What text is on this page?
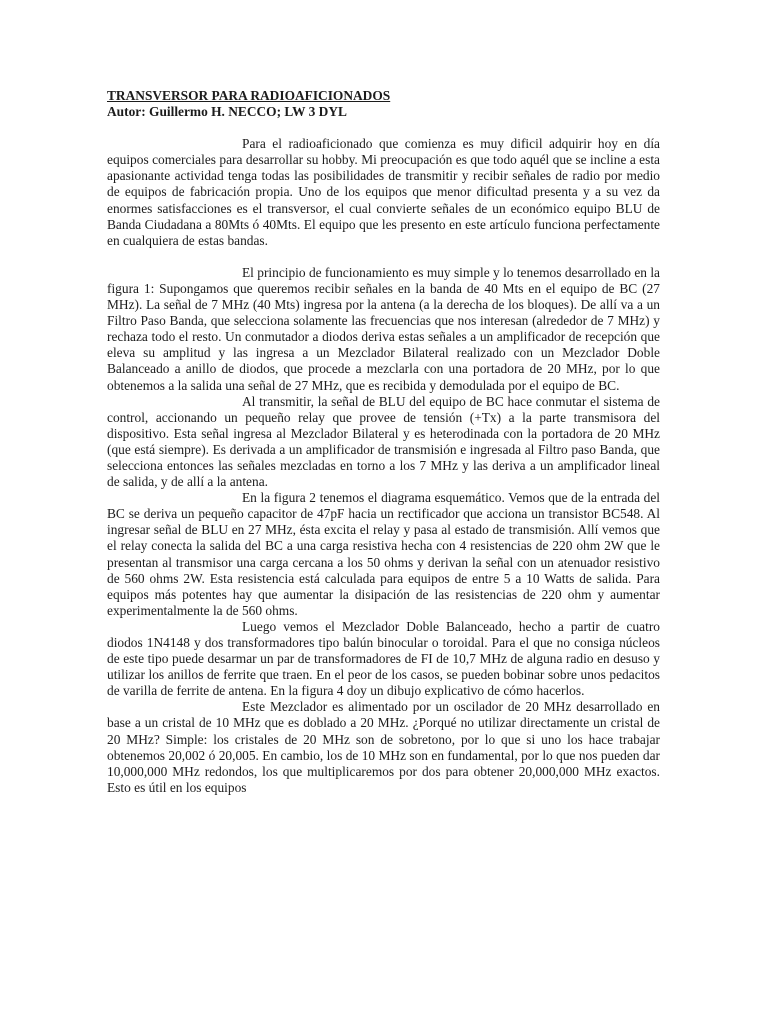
TRANSVERSOR PARA RADIOAFICIONADOS

Autor: Guillermo H. NECCO; LW 3 DYL

Para el radioaficionado que comienza es muy dificil adquirir hoy en día equipos comerciales para desarrollar su hobby. Mi preocupación es que todo aquél que se incline a esta apasionante actividad tenga todas las posibilidades de transmitir y recibir señales de radio por medio de equipos de fabricación propia. Uno de los equipos que menor dificultad presenta y a su vez da enormes satisfacciones es el transversor, el cual convierte señales de un económico equipo BLU de Banda Ciudadana a 80Mts ó 40Mts. El equipo que les presento en este artículo funciona perfectamente en cualquiera de estas bandas.

El principio de funcionamiento es muy simple y lo tenemos desarrollado en la figura 1: Supongamos que queremos recibir señales en la banda de 40 Mts en el equipo de BC (27 MHz). La señal de 7 MHz (40 Mts) ingresa por la antena (a la derecha de los bloques). De allí va a un Filtro Paso Banda, que selecciona solamente las frecuencias que nos interesan (alrededor de 7 MHz) y rechaza todo el resto. Un conmutador a diodos deriva estas señales a un amplificador de recepción que eleva su amplitud y las ingresa a un Mezclador Bilateral realizado con un Mezclador Doble Balanceado a anillo de diodos, que procede a mezclarla con una portadora de 20 MHz, por lo que obtenemos a la salida una señal de 27 MHz, que es recibida y demodulada por el equipo de BC.

Al transmitir, la señal de BLU del equipo de BC hace conmutar el sistema de control, accionando un pequeño relay que provee de tensión (+Tx) a la parte transmisora del dispositivo. Esta señal ingresa al Mezclador Bilateral y es heterodinada con la portadora de 20 MHz (que está siempre). Es derivada a un amplificador de transmisión e ingresada al Filtro paso Banda, que selecciona entonces las señales mezcladas en torno a los 7 MHz y las deriva a un amplificador lineal de salida, y de allí a la antena.

En la figura 2 tenemos el diagrama esquemático. Vemos que de la entrada del BC se deriva un pequeño capacitor de 47pF hacia un rectificador que acciona un transistor BC548. Al ingresar señal de BLU en 27 MHz, ésta excita el relay y pasa al estado de transmisión. Allí vemos que el relay conecta la salida del BC a una carga resistiva hecha con 4 resistencias de 220 ohm 2W que le presentan al transmisor una carga cercana a los 50 ohms y derivan la señal con un atenuador resistivo de 560 ohms 2W. Esta resistencia está calculada para equipos de entre 5 a 10 Watts de salida. Para equipos más potentes hay que aumentar la disipación de las resistencias de 220 ohm y aumentar experimentalmente la de 560 ohms.

Luego vemos el Mezclador Doble Balanceado, hecho a partir de cuatro diodos 1N4148 y dos transformadores tipo balún binocular o toroidal. Para el que no consiga núcleos de este tipo puede desarmar un par de transformadores de FI de 10,7 MHz de alguna radio en desuso y utilizar los anillos de ferrite que traen. En el peor de los casos, se pueden bobinar sobre unos pedacitos de varilla de ferrite de antena. En la figura 4 doy un dibujo explicativo de cómo hacerlos.

Este Mezclador es alimentado por un oscilador de 20 MHz desarrollado en base a un cristal de 10 MHz que es doblado a 20 MHz. ¿Porqué no utilizar directamente un cristal de 20 MHz? Simple: los cristales de 20 MHz son de sobretono, por lo que si uno los hace trabajar obtenemos 20,002 ó 20,005. En cambio, los de 10 MHz son en fundamental, por lo que nos pueden dar 10,000,000 MHz redondos, los que multiplicaremos por dos para obtener 20,000,000 MHz exactos. Esto es útil en los equipos
